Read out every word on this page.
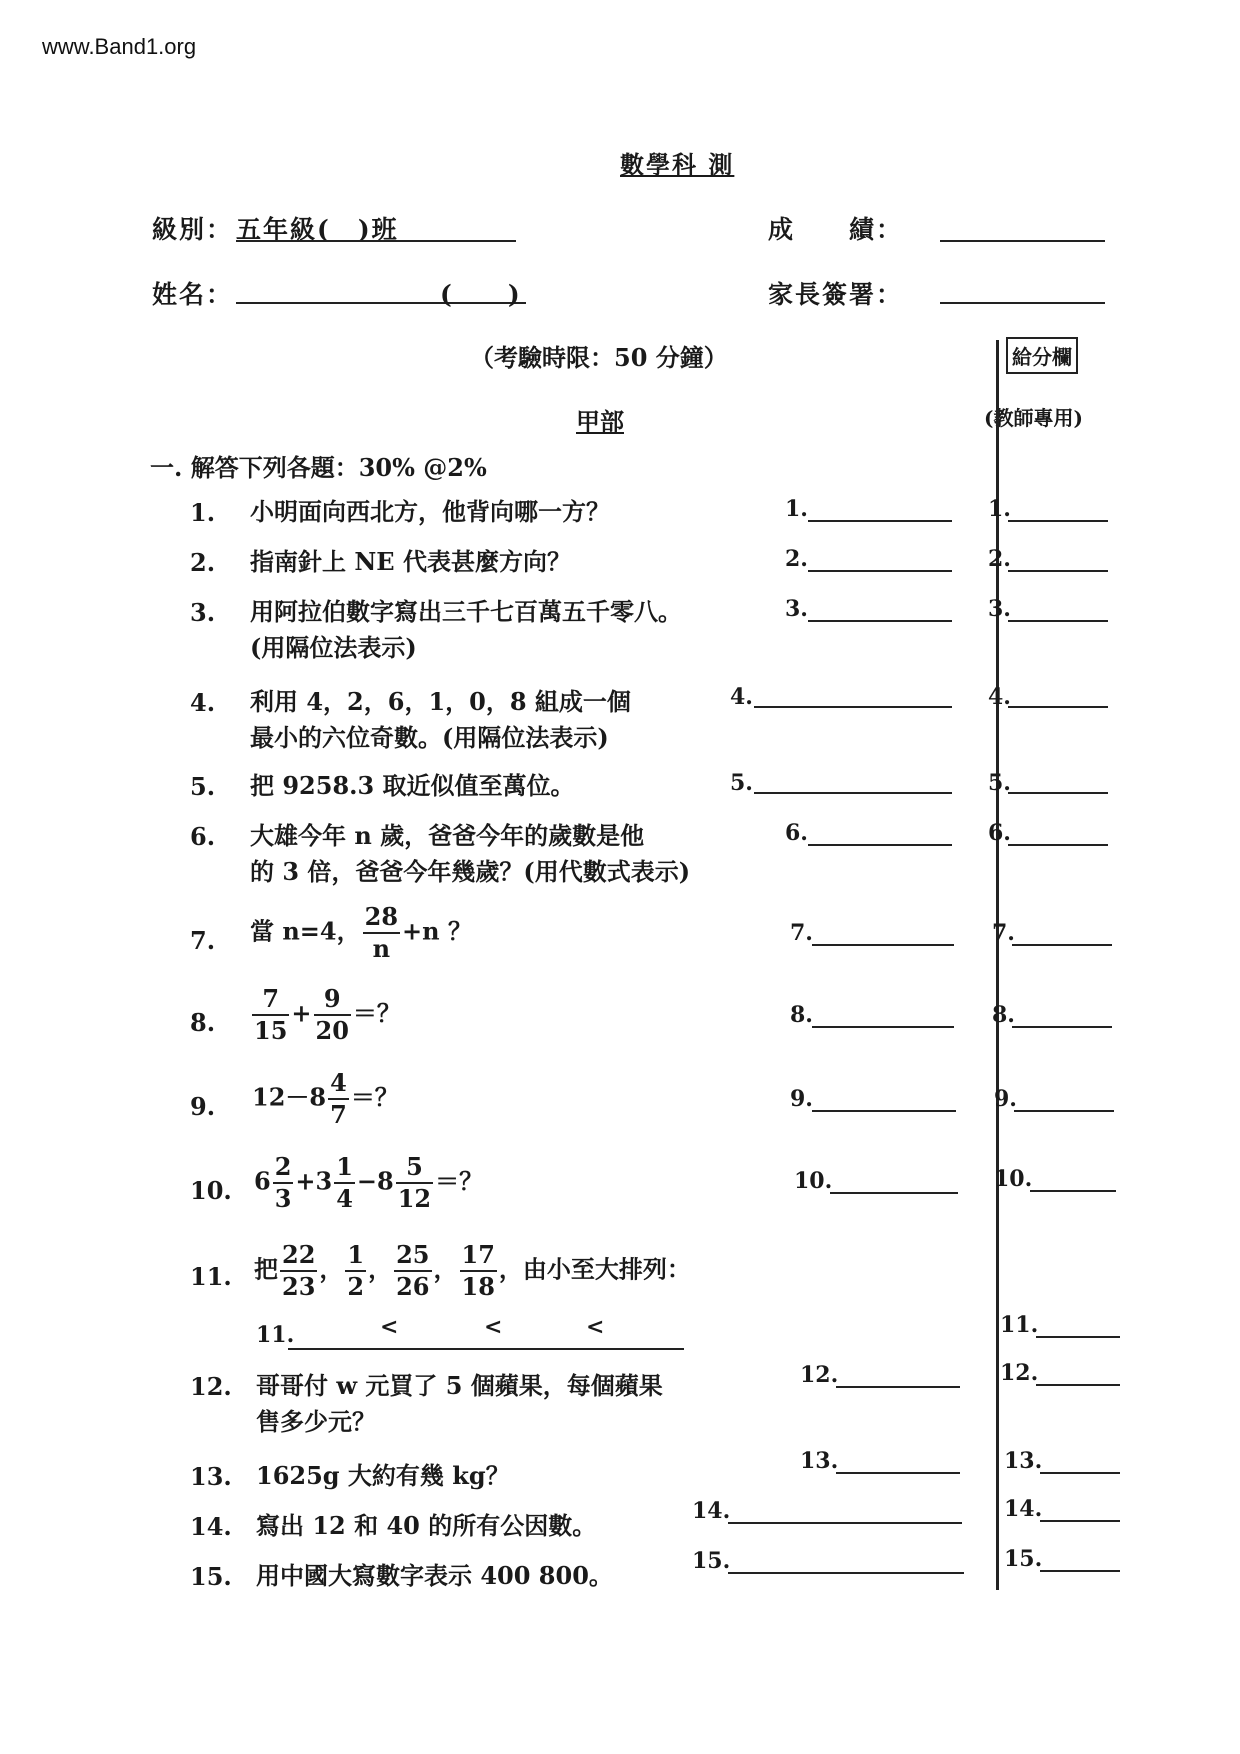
www.Band1.org
數學科 測
級別： 五年級(　)班
姓名：	(　　)
成　　績：
家長簽署：
（考驗時限：50 分鐘）	給分欄
(教師專用)
甲部
一. 解答下列各題：30% @2%
1. 小明面向西北方，他背向哪一方？	1.	1.
2. 指南針上 NE 代表甚麼方向？	2.	2.
3. 用阿拉伯數字寫出三千七百萬五千零八。
(用隔位法表示)
3.	3.
4. 利用 4，2，6，1，0，8 組成一個
最小的六位奇數。(用隔位法表示)
4.	4.
5. 把 9258.3 取近似值至萬位。	5.	5.
6. 大雄今年 n 歲，爸爸今年的歲數是他
的 3 倍，爸爸今年幾歲？(用代數式表示)
6.	6.
7. 當 n=4， $\frac{28}{n} +n$ ？	7.	7.
8. $\frac{7}{15} + \frac{9}{20}$ ＝？	8.	8.
9. $12-8 \frac{4}{7}$ ＝？	9.	9.
10. $6 \frac{2}{3} +3 \frac{1}{4} -8 \frac{5}{12}$ ＝？	10.	10.
11. 把 $\frac{22}{23}$ ， $\frac{1}{2}$ ， $\frac{25}{26}$ ， $\frac{17}{18}$ ，由小至大排列：
11.	<	<	<	11.
12. 哥哥付 w 元買了 5 個蘋果，每個蘋果
售多少元？
12.	12.
13. 1625g 大約有幾 kg？	13.	13.
14. 寫出 12 和 40 的所有公因數。	14.	14.
15. 用中國大寫數字表示 400 800。	15.	15.
